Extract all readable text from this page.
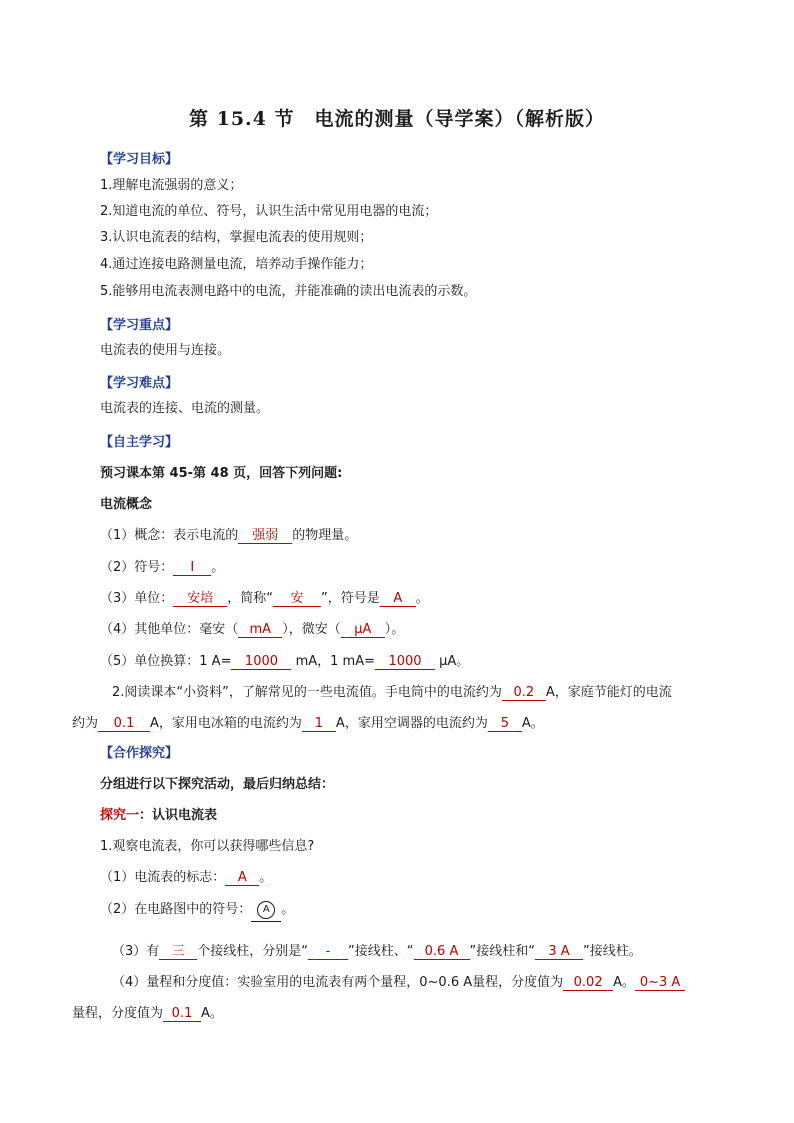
第 15.4 节　电流的测量（导学案）（解析版）
【学习目标】
1.理解电流强弱的意义；
2.知道电流的单位、符号，认识生活中常见用电器的电流；
3.认识电流表的结构，掌握电流表的使用规则；
4.通过连接电路测量电流，培养动手操作能力；
5.能够用电流表测电路中的电流，并能准确的读出电流表的示数。
【学习重点】
电流表的使用与连接。
【学习难点】
电流表的连接、电流的测量。
【自主学习】
预习课本第 45-第 48 页，回答下列问题:
电流概念
（1）概念：表示电流的 强弱 的物理量。
（2）符号： I 。
（3）单位： 安培 ，简称“ 安 ”，符号是 A 。
（4）其他单位：毫安（ mA ），微安（ μA ）。
（5）单位换算：1 A= 1000 mA，1 mA= 1000 μA。
2.阅读课本“小资料”，了解常见的一些电流值。手电筒中的电流约为 0.2 A，家庭节能灯的电流
约为 0.1 A，家用电冰箱的电流约为 1 A，家用空调器的电流约为 5 A。
【合作探究】
分组进行以下探究活动，最后归纳总结：
探究一：认识电流表
1.观察电流表，你可以获得哪些信息?
（1）电流表的标志： A 。
（2）在电路图中的符号： A 。
（3）有 三 个接线柱，分别是“ - ”接线柱、“ 0.6 A ”接线柱和“ 3 A ”接线柱。
（4）量程和分度值：实验室用的电流表有两个量程，0~0.6 A量程，分度值为 0.02 A。 0~3 A
量程，分度值为 0.1 A。
